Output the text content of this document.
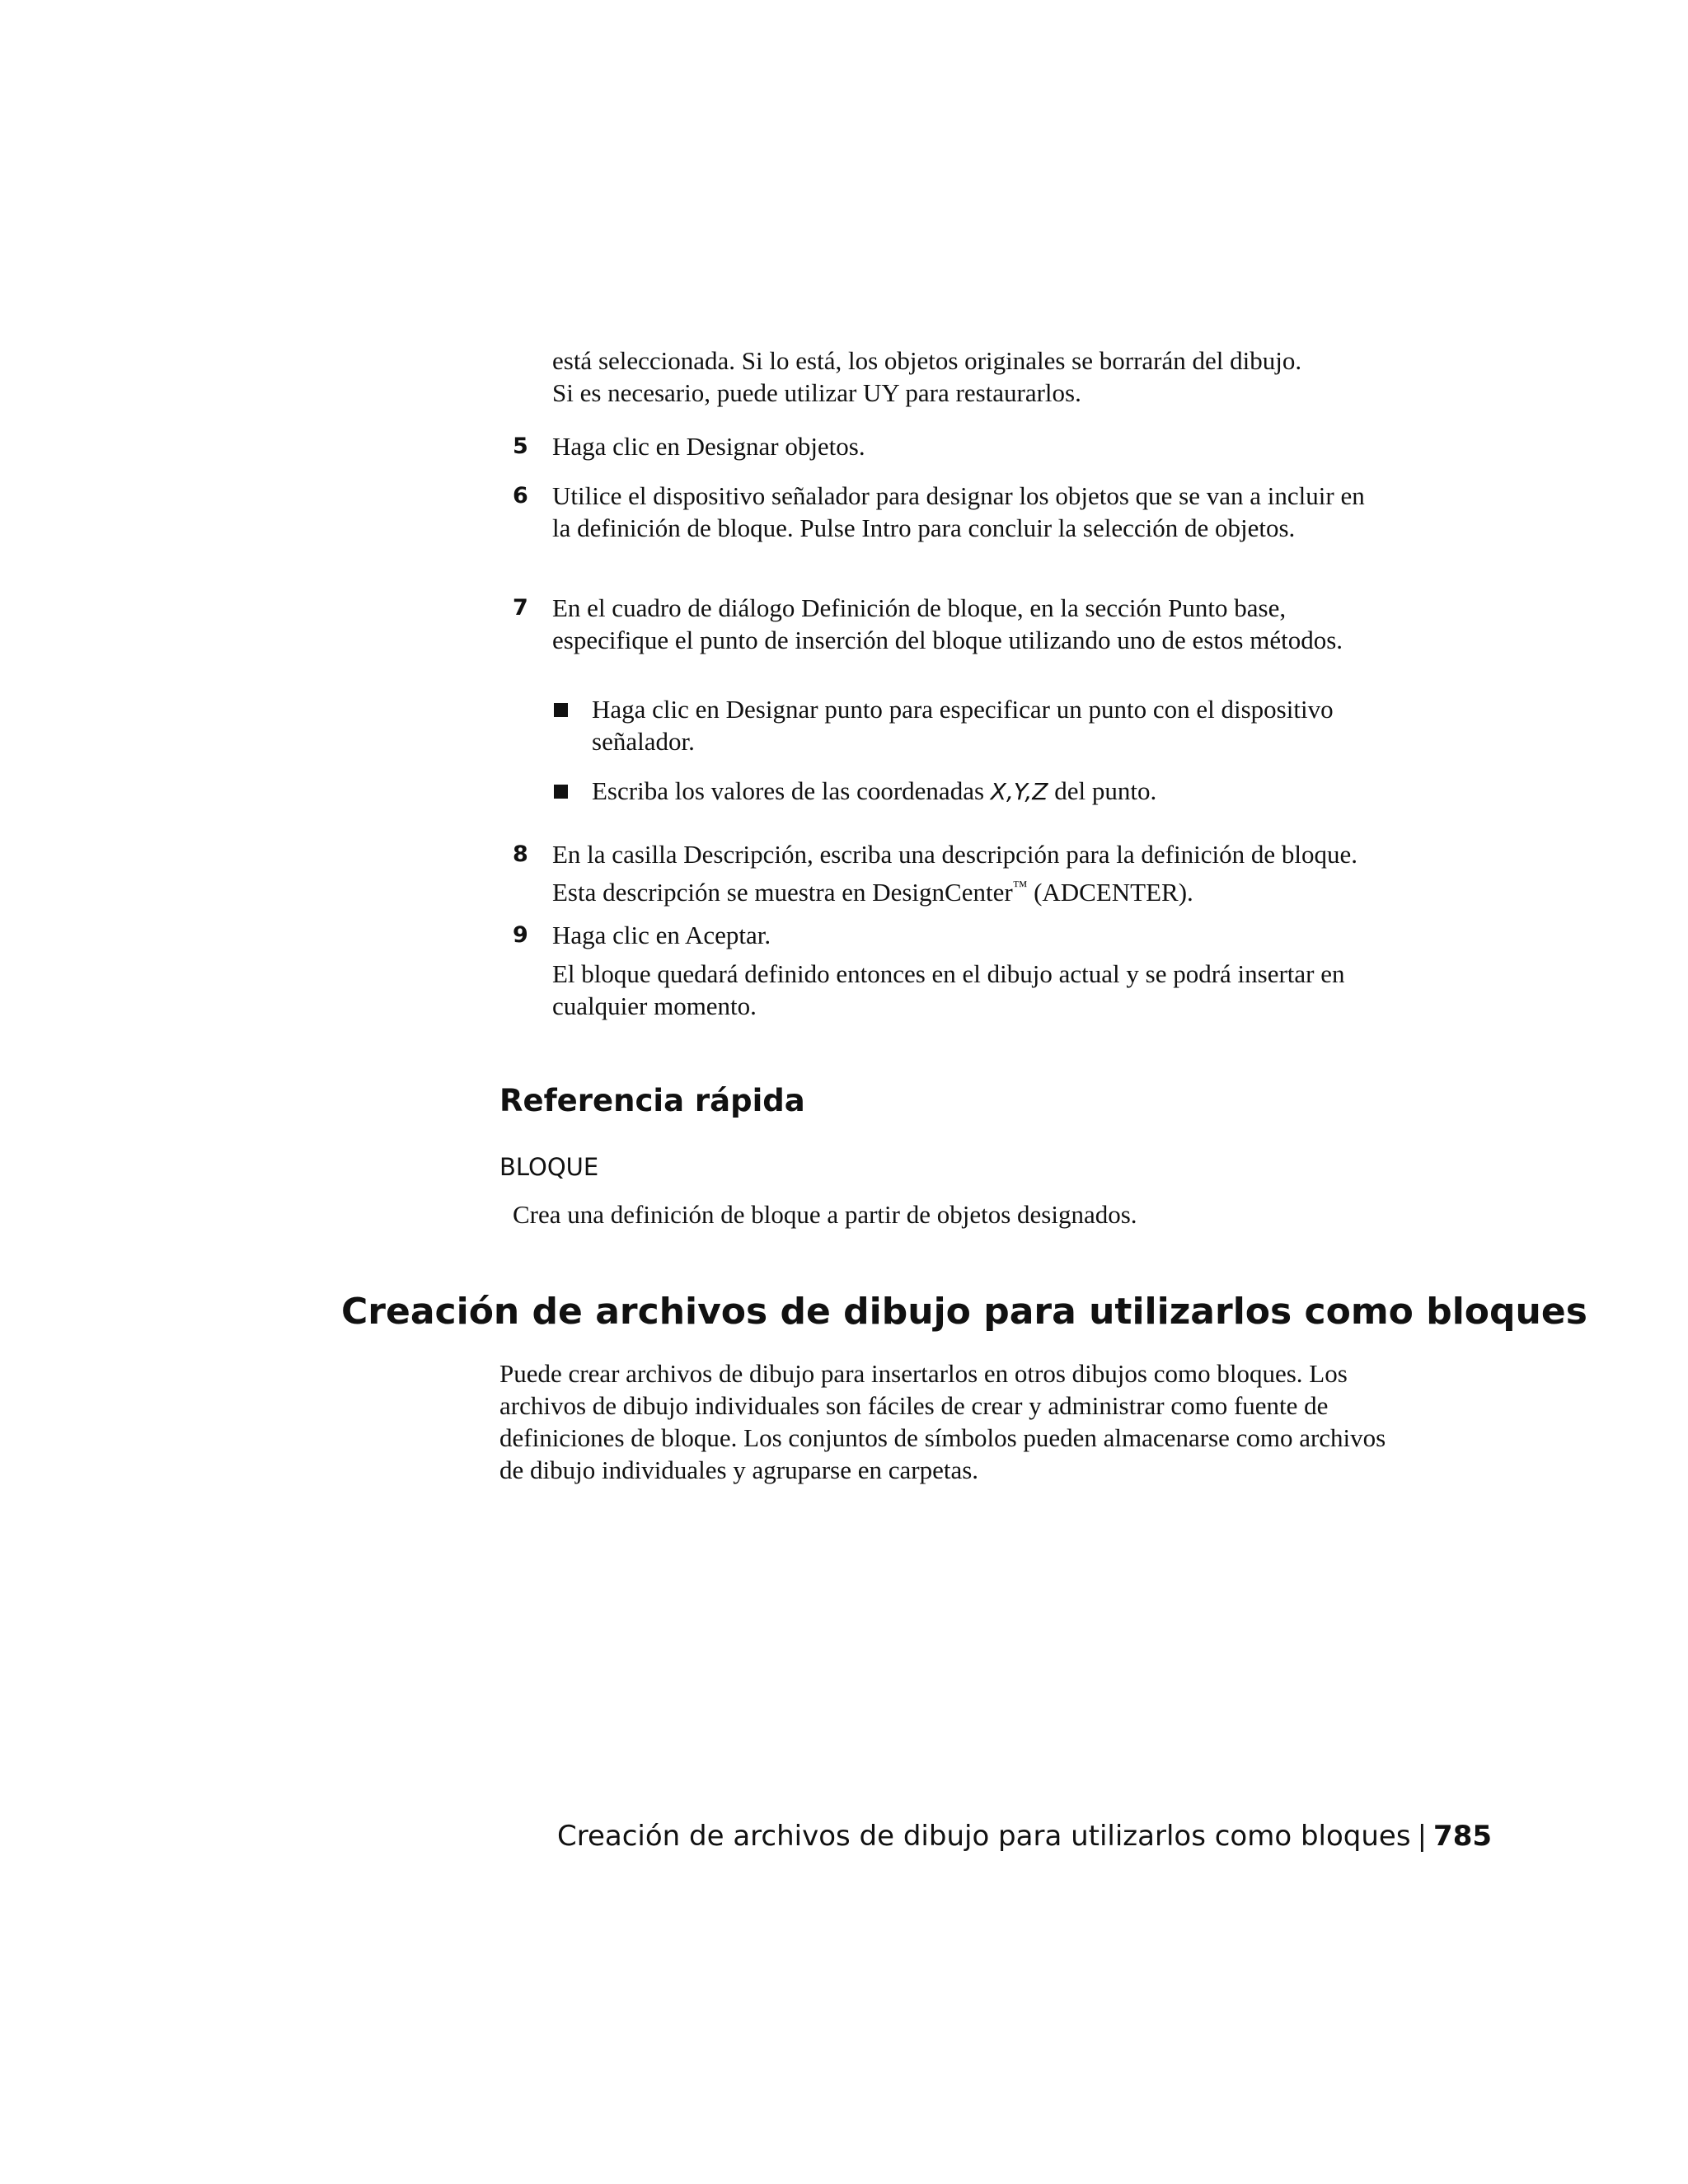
está seleccionada. Si lo está, los objetos originales se borrarán del dibujo.
Si es necesario, puede utilizar UY para restaurarlos.
5 Haga clic en Designar objetos.
6 Utilice el dispositivo señalador para designar los objetos que se van a incluir en la definición de bloque. Pulse Intro para concluir la selección de objetos.
7 En el cuadro de diálogo Definición de bloque, en la sección Punto base, especifique el punto de inserción del bloque utilizando uno de estos métodos.
Haga clic en Designar punto para especificar un punto con el dispositivo señalador.
Escriba los valores de las coordenadas X,Y,Z del punto.
8 En la casilla Descripción, escriba una descripción para la definición de bloque. Esta descripción se muestra en DesignCenter™ (ADCENTER).
9 Haga clic en Aceptar.
El bloque quedará definido entonces en el dibujo actual y se podrá insertar en cualquier momento.
Referencia rápida
BLOQUE
Crea una definición de bloque a partir de objetos designados.
Creación de archivos de dibujo para utilizarlos como bloques
Puede crear archivos de dibujo para insertarlos en otros dibujos como bloques. Los archivos de dibujo individuales son fáciles de crear y administrar como fuente de definiciones de bloque. Los conjuntos de símbolos pueden almacenarse como archivos de dibujo individuales y agruparse en carpetas.
Creación de archivos de dibujo para utilizarlos como bloques | 785
